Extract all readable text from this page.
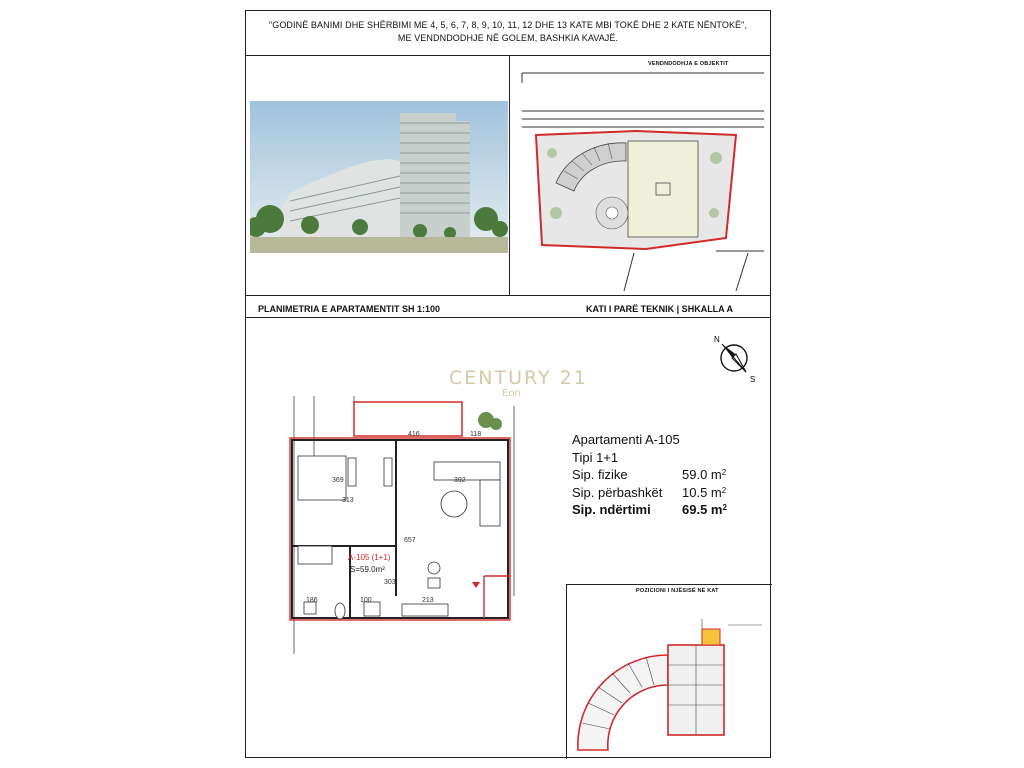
"GODINË BANIMI DHE SHËRBIMI ME 4, 5, 6, 7, 8, 9, 10, 11, 12 DHE 13 KATE MBI TOKË DHE 2 KATE NËNTOKË",
ME VENDNDODHJE NË GOLEM, BASHKIA KAVAJË.
VENDNDODHJA E OBJEKTIT
PLANIMETRIA E APARTAMENTIT SH 1:100	KATI I PARË TEKNIK | SHKALLA A
N
S
416	118
369	392
313
657
186	100
303
213
A-105 (1+1)
S=59.0m²
CENTURY 21
Eon
Apartamenti A-105
Tipi 1+1
Sip. fizike	59.0 $m^2$
Sip. përbashkët	10.5 $m^2$
Sip. ndërtimi	69.5 $m^2$
POZICIONI I NJËSISË NË KAT
